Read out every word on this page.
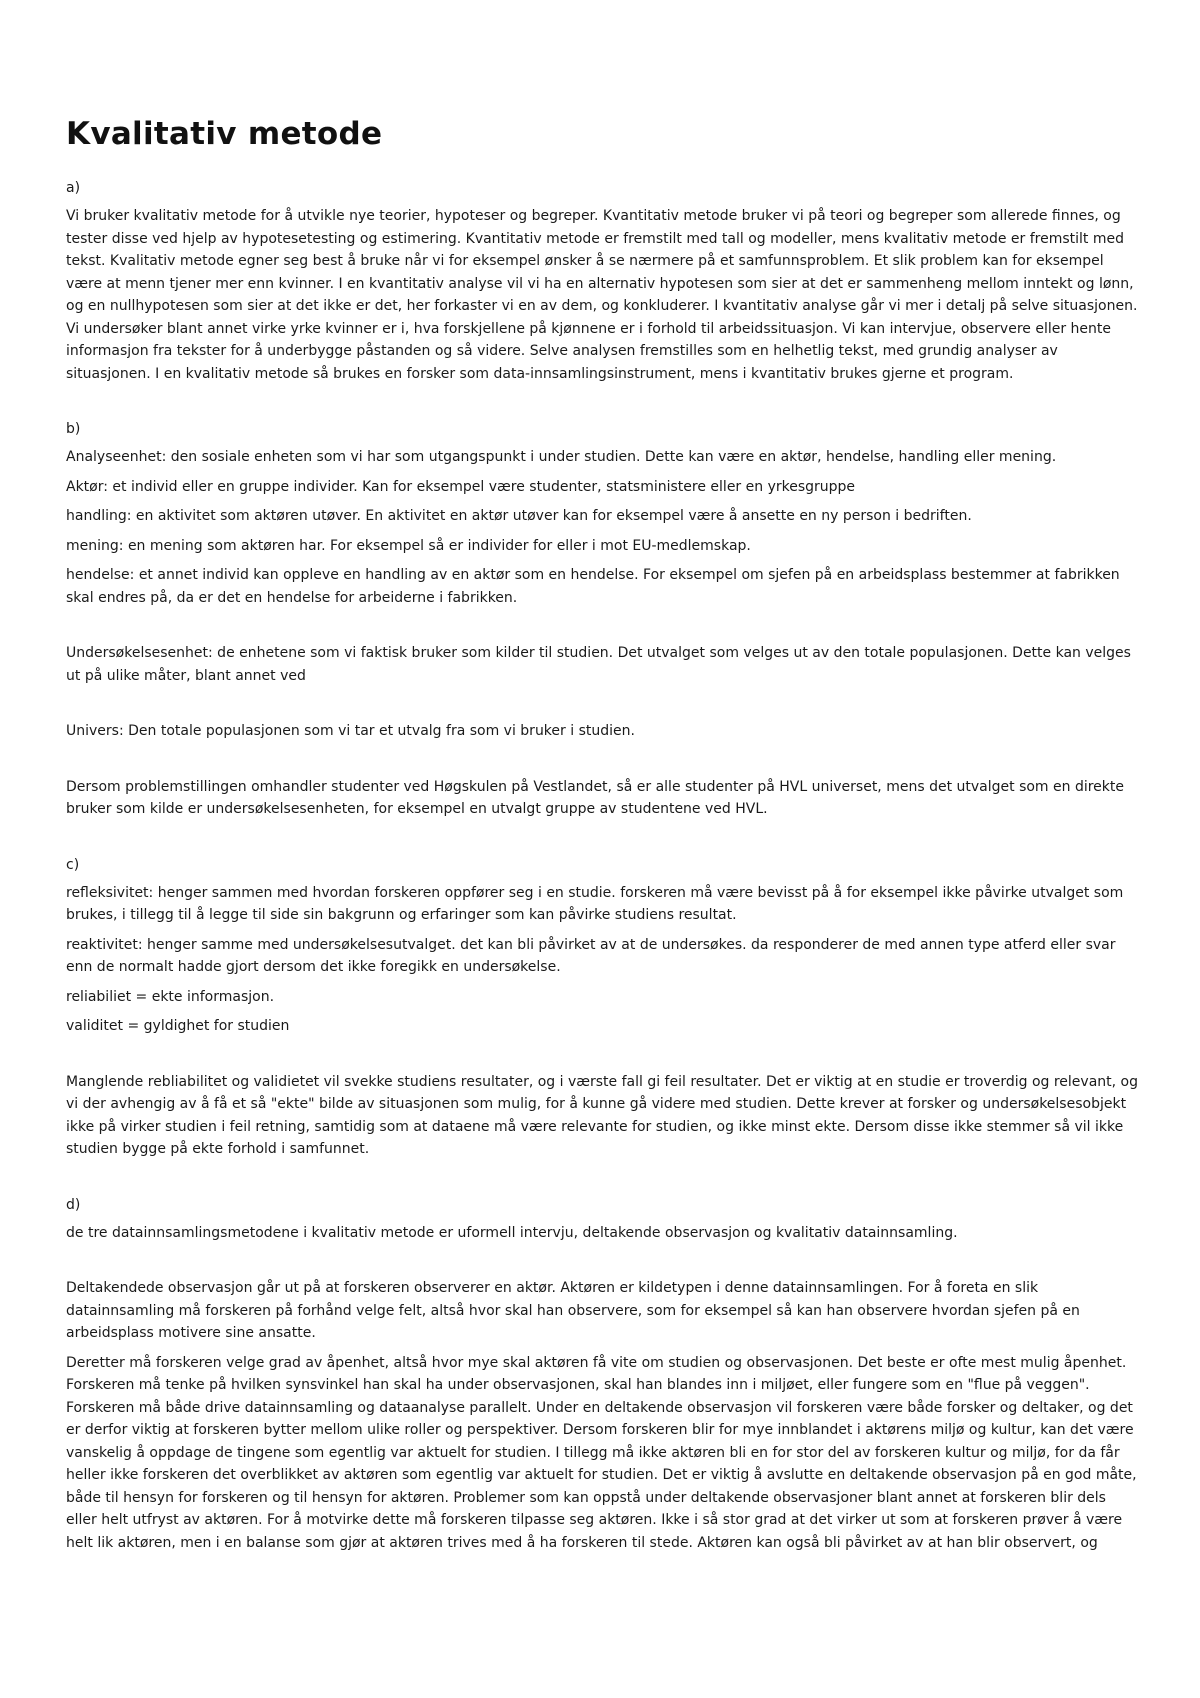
Kvalitativ metode
a)

Vi bruker kvalitativ metode for å utvikle nye teorier, hypoteser og begreper. Kvantitativ metode bruker vi på teori og begreper som allerede finnes, og tester disse ved hjelp av hypotesetesting og estimering. Kvantitativ metode er fremstilt med tall og modeller, mens kvalitativ metode er fremstilt med tekst. Kvalitativ metode egner seg best å bruke når vi for eksempel ønsker å se nærmere på et samfunnsproblem. Et slik problem kan for eksempel være at menn tjener mer enn kvinner. I en kvantitativ analyse vil vi ha en alternativ hypotesen som sier at det er sammenheng mellom inntekt og lønn, og en nullhypotesen som sier at det ikke er det, her forkaster vi en av dem, og konkluderer. I kvantitativ analyse går vi mer i detalj på selve situasjonen. Vi undersøker blant annet virke yrke kvinner er i, hva forskjellene på kjønnene er i forhold til arbeidssituasjon. Vi kan intervjue, observere eller hente informasjon fra tekster for å underbygge påstanden og så videre. Selve analysen fremstilles som en helhetlig tekst, med grundig analyser av situasjonen. I en kvalitativ metode så brukes en forsker som data-innsamlingsinstrument, mens i kvantitativ brukes gjerne et program.

b)

Analyseenhet: den sosiale enheten som vi har som utgangspunkt i under studien. Dette kan være en aktør, hendelse, handling eller mening.

Aktør: et individ eller en gruppe individer. Kan for eksempel være studenter, statsministere eller en yrkesgruppe

handling: en aktivitet som aktøren utøver. En aktivitet en aktør utøver kan for eksempel være å ansette en ny person i bedriften.

mening: en mening som aktøren har. For eksempel så er individer for eller i mot EU-medlemskap.

hendelse: et annet individ kan oppleve en handling av en aktør som en hendelse. For eksempel om sjefen på en arbeidsplass bestemmer at fabrikken skal endres på, da er det en hendelse for arbeiderne i fabrikken.

Undersøkelsesenhet: de enhetene som vi faktisk bruker som kilder til studien. Det utvalget som velges ut av den totale populasjonen. Dette kan velges ut på ulike måter, blant annet ved

Univers: Den totale populasjonen som vi tar et utvalg fra som vi bruker i studien.

Dersom problemstillingen omhandler studenter ved Høgskulen på Vestlandet, så er alle studenter på HVL universet, mens det utvalget som en direkte bruker som kilde er undersøkelsesenheten, for eksempel en utvalgt gruppe av studentene ved HVL.

c)

refleksivitet: henger sammen med hvordan forskeren oppfører seg i en studie. forskeren må være bevisst på å for eksempel ikke påvirke utvalget som brukes, i tillegg til å legge til side sin bakgrunn og erfaringer som kan påvirke studiens resultat.

reaktivitet: henger samme med undersøkelsesutvalget. det kan bli påvirket av at de undersøkes. da responderer de med annen type atferd eller svar enn de normalt hadde gjort dersom det ikke foregikk en undersøkelse.

reliabiliet = ekte informasjon.

validitet = gyldighet for studien

Manglende rebliabilitet og validietet vil svekke studiens resultater, og i værste fall gi feil resultater. Det er viktig at en studie er troverdig og relevant, og vi der avhengig av å få et så "ekte" bilde av situasjonen som mulig, for å kunne gå videre med studien. Dette krever at forsker og undersøkelsesobjekt ikke på virker studien i feil retning, samtidig som at dataene må være relevante for studien, og ikke minst ekte. Dersom disse ikke stemmer så vil ikke studien bygge på ekte forhold i samfunnet.

d)

de tre datainnsamlingsmetodene i kvalitativ metode er uformell intervju, deltakende observasjon og kvalitativ datainnsamling.

Deltakendede observasjon går ut på at forskeren observerer en aktør. Aktøren er kildetypen i denne datainnsamlingen. For å foreta en slik datainnsamling må forskeren på forhånd velge felt, altså hvor skal han observere, som for eksempel så kan han observere hvordan sjefen på en arbeidsplass motivere sine ansatte.

Deretter må forskeren velge grad av åpenhet, altså hvor mye skal aktøren få vite om studien og observasjonen. Det beste er ofte mest mulig åpenhet. Forskeren må tenke på hvilken synsvinkel han skal ha under observasjonen, skal han blandes inn i miljøet, eller fungere som en "flue på veggen". Forskeren må både drive datainnsamling og dataanalyse parallelt. Under en deltakende observasjon vil forskeren være både forsker og deltaker, og det er derfor viktig at forskeren bytter mellom ulike roller og perspektiver. Dersom forskeren blir for mye innblandet i aktørens miljø og kultur, kan det være vanskelig å oppdage de tingene som egentlig var aktuelt for studien. I tillegg må ikke aktøren bli en for stor del av forskeren kultur og miljø, for da får heller ikke forskeren det overblikket av aktøren som egentlig var aktuelt for studien. Det er viktig å avslutte en deltakende observasjon på en god måte, både til hensyn for forskeren og til hensyn for aktøren. Problemer som kan oppstå under deltakende observasjoner blant annet at forskeren blir dels eller helt utfryst av aktøren. For å motvirke dette må forskeren tilpasse seg aktøren. Ikke i så stor grad at det virker ut som at forskeren prøver å være helt lik aktøren, men i en balanse som gjør at aktøren trives med å ha forskeren til stede. Aktøren kan også bli påvirket av at han blir observert, og
